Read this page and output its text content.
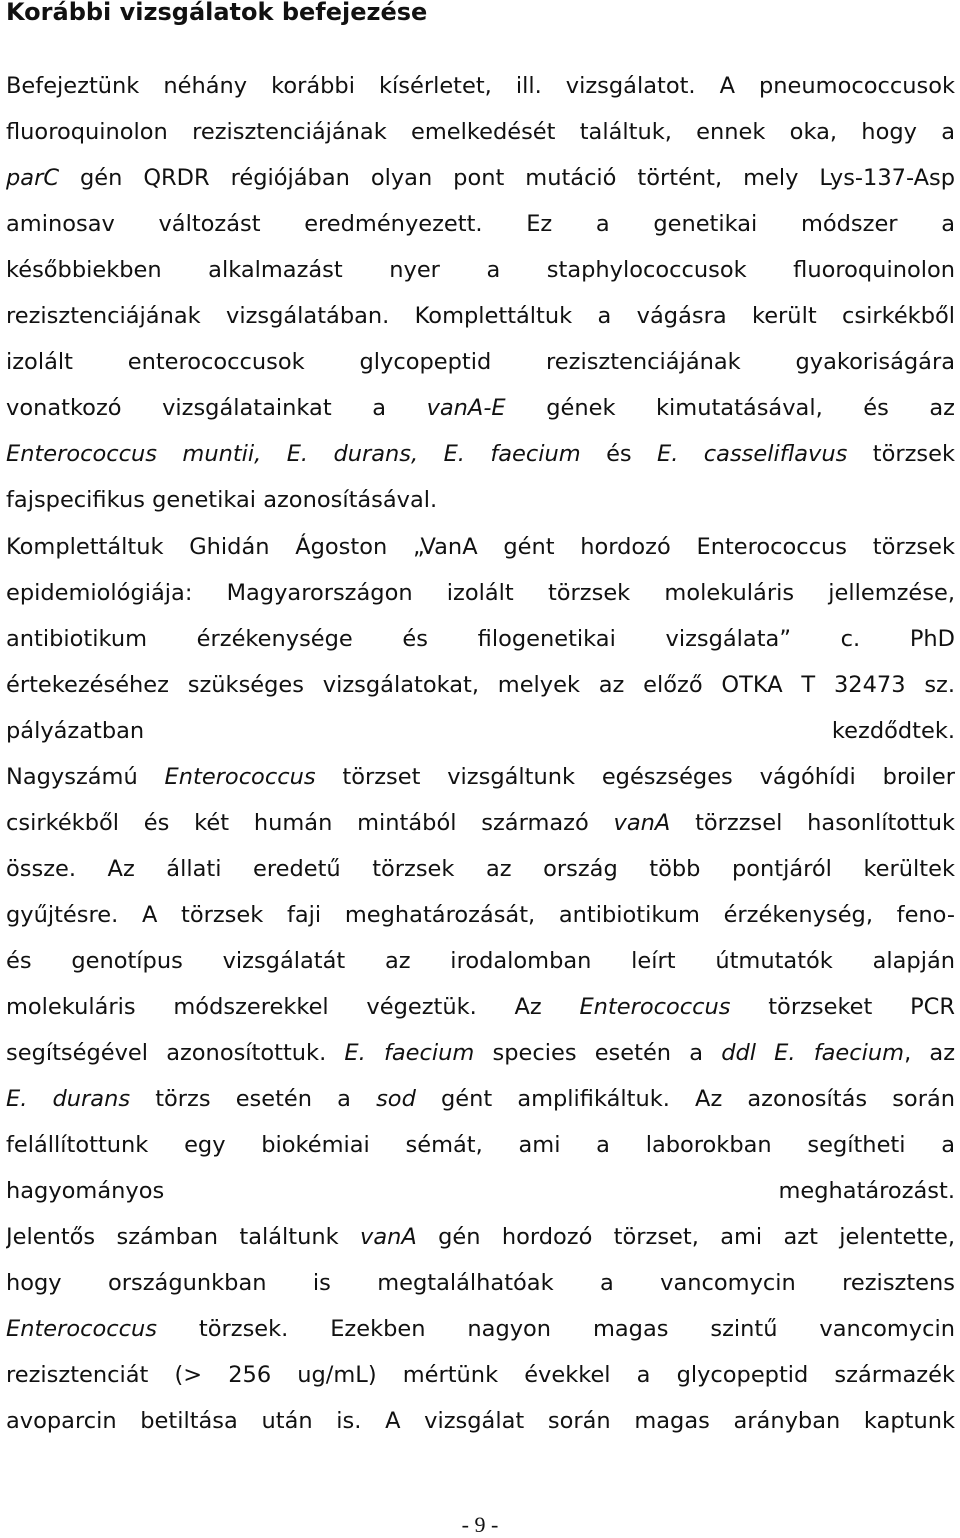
Korábbi vizsgálatok befejezése
Befejeztünk néhány korábbi kísérletet, ill. vizsgálatot. A pneumococcusok
fluoroquinolon rezisztenciájának emelkedését találtuk, ennek oka, hogy a
parC gén QRDR régiójában olyan pont mutáció történt, mely Lys-137-Asp
aminosav változást eredményezett. Ez a genetikai módszer a
későbbiekben alkalmazást nyer a staphylococcusok fluoroquinolon
rezisztenciájának vizsgálatában. Komplettáltuk a vágásra került csirkékből
izolált enterococcusok glycopeptid rezisztenciájának gyakoriságára
vonatkozó vizsgálatainkat a vanA-E gének kimutatásával, és az
Enterococcus muntii, E. durans, E. faecium és E. casseliflavus törzsek
fajspecifikus genetikai azonosításával.
Komplettáltuk Ghidán Ágoston „VanA gént hordozó Enterococcus törzsek
epidemiológiája: Magyarországon izolált törzsek molekuláris jellemzése,
antibiotikum érzékenysége és filogenetikai vizsgálata” c. PhD
értekezéséhez szükséges vizsgálatokat, melyek az előző OTKA T 32473 sz.
pályázatban kezdődtek.
Nagyszámú Enterococcus törzset vizsgáltunk egészséges vágóhídi broiler
csirkékből és két humán mintából származó vanA törzzsel hasonlítottuk
össze. Az állati eredetű törzsek az ország több pontjáról kerültek
gyűjtésre. A törzsek faji meghatározását, antibiotikum érzékenység, feno-
és genotípus vizsgálatát az irodalomban leírt útmutatók alapján
molekuláris módszerekkel végeztük. Az Enterococcus törzseket PCR
segítségével azonosítottuk. E. faecium species esetén a ddl E. faecium, az
E. durans törzs esetén a sod gént amplifikáltuk. Az azonosítás során
felállítottunk egy biokémiai sémát, ami a laborokban segítheti a
hagyományos meghatározást.
Jelentős számban találtunk vanA gén hordozó törzset, ami azt jelentette,
hogy országunkban is megtalálhatóak a vancomycin rezisztens
Enterococcus törzsek. Ezekben nagyon magas szintű vancomycin
rezisztenciát (> 256 ug/mL) mértünk évekkel a glycopeptid származék
avoparcin betiltása után is. A vizsgálat során magas arányban kaptunk
- 9 -
